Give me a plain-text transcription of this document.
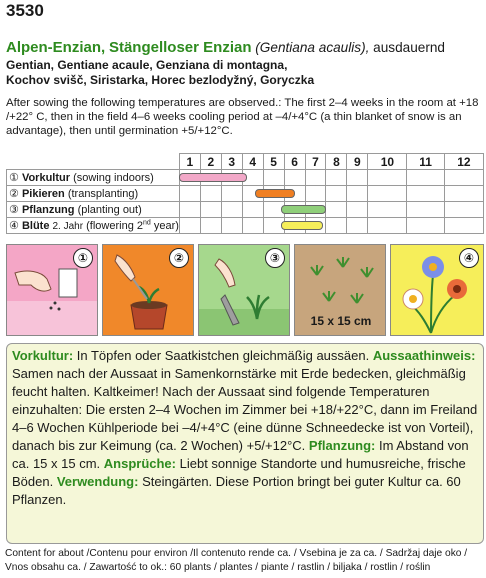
3530
Alpen-Enzian, Stängelloser Enzian (Gentiana acaulis), ausdauernd
Gentian, Gentiane acaule, Genziana di montagna,
Kochov svišč, Siristarka, Horec bezlodyžný, Goryczka
After sowing the following temperatures are observed.: The first 2–4 weeks in the room at +18 /+22° C, then in the field 4–6 weeks cooling period at –4/+4°C (a thin blanket of snow is an advantage), then until germination +5/+12°C.
	1	2	3	4	5	6	7	8	9	10	11	12
① Vorkultur (sowing indoors)												
② Pikieren (transplanting)												
③ Pflanzung (planting out)												
④ Blüte 2. Jahr (flowering 2nd year)												
①	②	③
15 x 15 cm
④
Vorkultur: In Töpfen oder Saatkistchen gleichmäßig aussäen. Aussaathinweis: Samen nach der Aussaat in Samenkornstärke mit Erde bedecken, gleichmäßig feucht halten. Kaltkeimer! Nach der Aussaat sind folgende Temperaturen einzuhalten: Die ersten 2–4 Wochen im Zimmer bei +18/+22°C, dann im Freiland 4–6 Wochen Kühlperiode bei –4/+4°C (eine dünne Schneedecke ist von Vorteil), danach bis zur Keimung (ca. 2 Wochen) +5/+12°C. Pflanzung: Im Abstand von ca. 15 x 15 cm. Ansprüche: Liebt sonnige Standorte und humusreiche, frische Böden. Verwendung: Steingärten. Diese Portion bringt bei guter Kultur ca. 60 Pflanzen.
Content for about /Contenu pour environ /Il contenuto rende ca. / Vsebina je za ca. / Sadržaj daje oko /
Vnos obsahu ca. / Zawartość to ok.: 60 plants / plantes / piante / rastlin / biljaka / rostlin / roślin
